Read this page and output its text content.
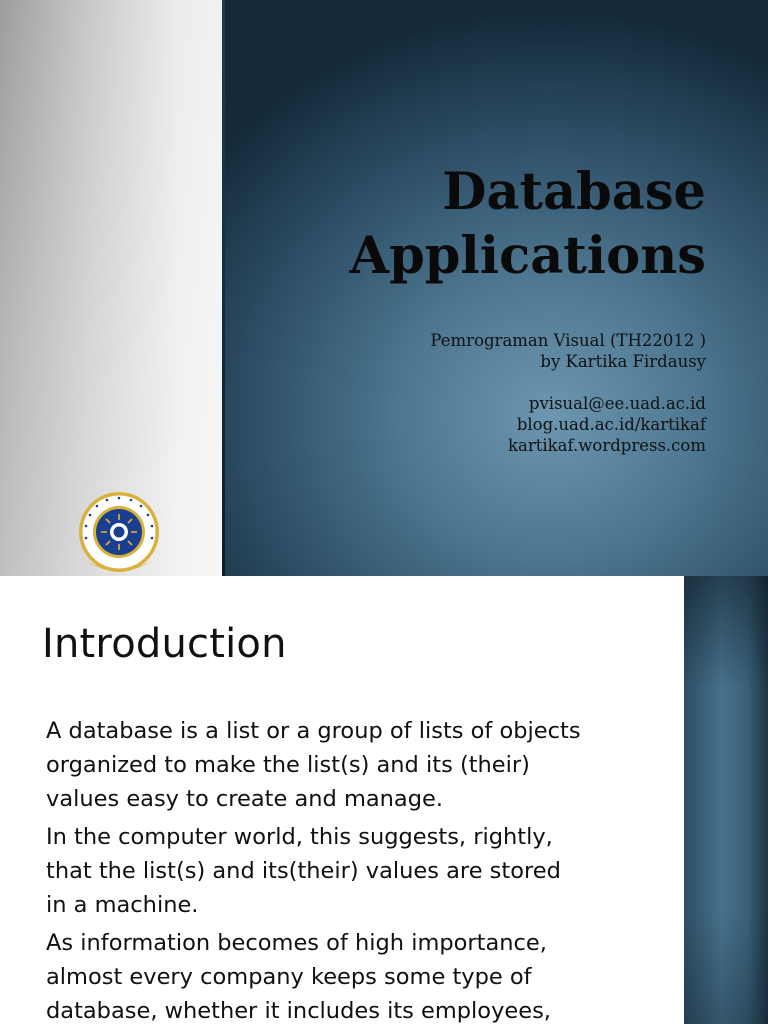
Database
Applications
Pemrograman Visual (TH22012 )
by Kartika Firdausy
pvisual@ee.uad.ac.id
blog.uad.ac.id/kartikaf
kartikaf.wordpress.com
Introduction

A database is a list or a group of lists of objects
organized to make the list(s) and its (their)
values easy to create and manage.

In the computer world, this suggests, rightly,
that the list(s) and its(their) values are stored
in a machine.

As information becomes of high importance,
almost every company keeps some type of
database, whether it includes its employees,
